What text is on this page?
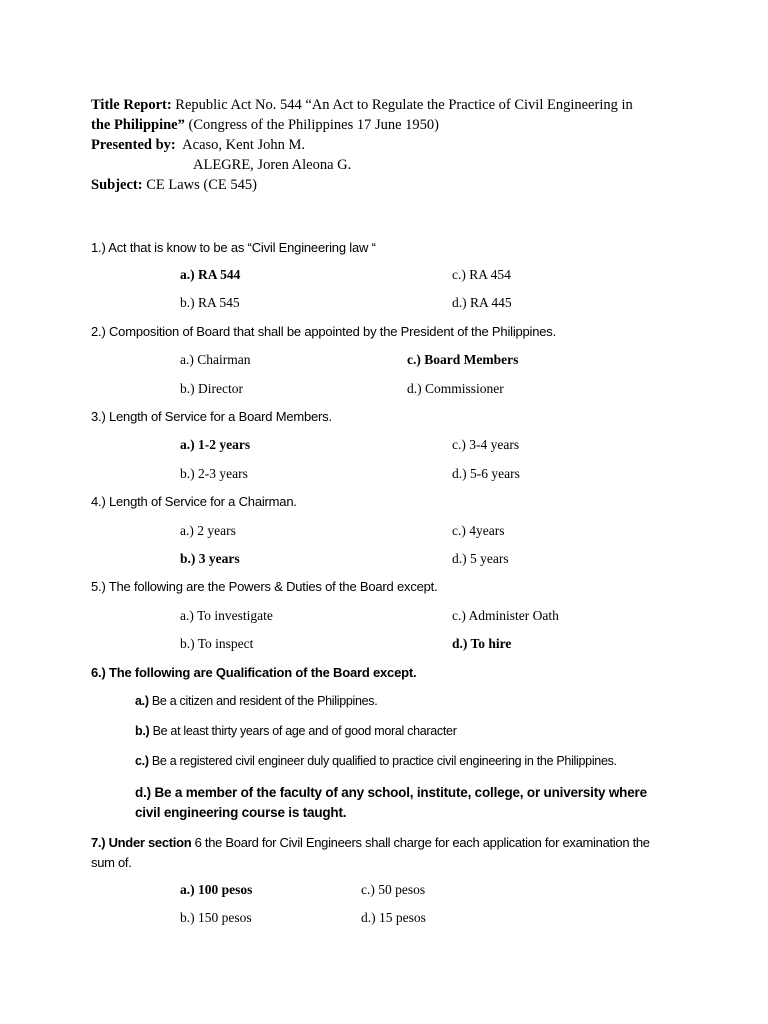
Title Report: Republic Act No. 544 “An Act to Regulate the Practice of Civil Engineering in
the Philippine” (Congress of the Philippines 17 June 1950)
Presented by: Acaso, Kent John M.
ALEGRE, Joren Aleona G.
Subject: CE Laws (CE 545)
1.) Act that is know to be as “Civil Engineering law “
a.) RA 544	c.) RA 454
b.) RA 545	d.) RA 445
2.) Composition of Board that shall be appointed by the President of the Philippines.
a.) Chairman	c.) Board Members
b.) Director	d.) Commissioner
3.) Length of Service for a Board Members.
a.) 1-2 years	c.) 3-4 years
b.) 2-3 years	d.) 5-6 years
4.) Length of Service for a Chairman.
a.) 2 years	c.) 4years
b.) 3 years	d.) 5 years
5.) The following are the Powers & Duties of the Board except.
a.) To investigate	c.) Administer Oath
b.) To inspect	d.) To hire
6.) The following are Qualification of the Board except.
a.) Be a citizen and resident of the Philippines.
b.) Be at least thirty years of age and of good moral character
c.) Be a registered civil engineer duly qualified to practice civil engineering in the Philippines.
d.) Be a member of the faculty of any school, institute, college, or university where civil engineering course is taught.
7.) Under section 6 the Board for Civil Engineers shall charge for each application for examination the sum of.
a.) 100 pesos	c.) 50 pesos
b.) 150 pesos	d.) 15 pesos
